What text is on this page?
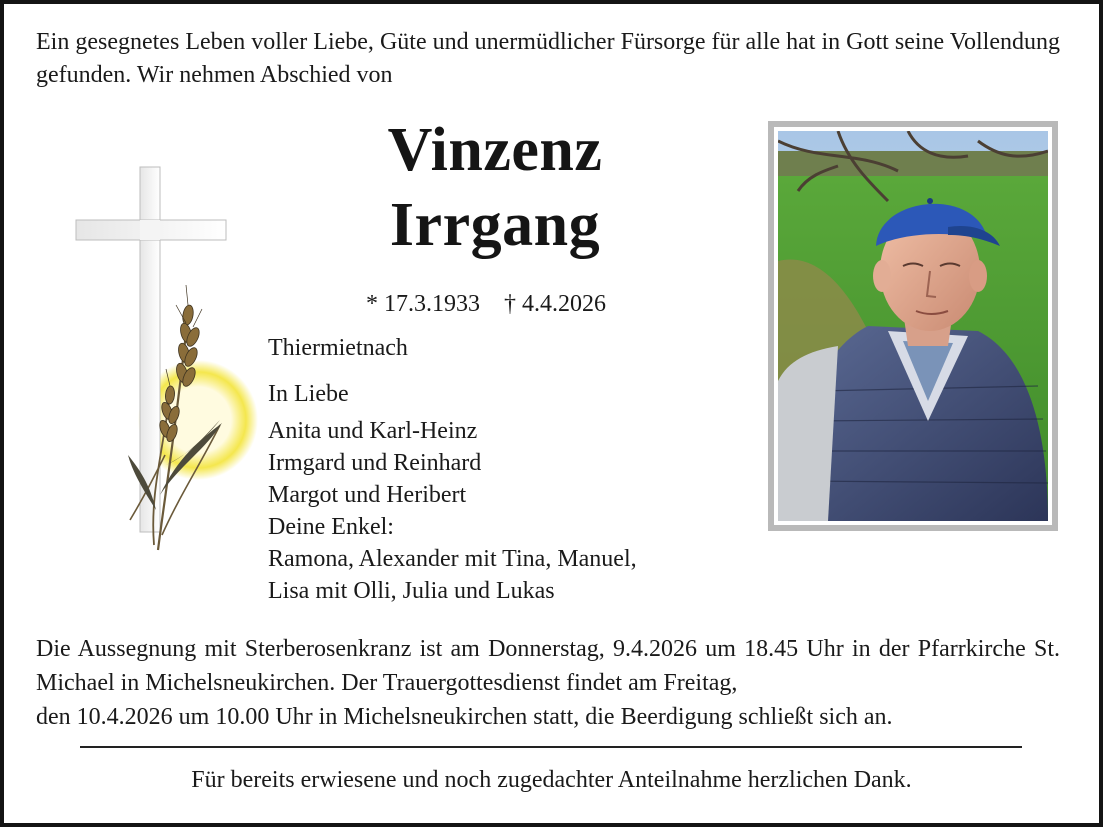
Ein gesegnetes Leben voller Liebe, Güte und unermüdlicher Fürsorge für alle hat in Gott seine Vollendung gefunden. Wir nehmen Abschied von
Vinzenz
Irrgang
* 17.3.1933 † 4.4.2026
Thiermietnach
In Liebe
Anita und Karl-Heinz
Irmgard und Reinhard
Margot und Heribert
Deine Enkel:
Ramona, Alexander mit Tina, Manuel,
Lisa mit Olli, Julia und Lukas
Die Aussegnung mit Sterberosenkranz ist am Donnerstag, 9.4.2026 um 18.45 Uhr in der Pfarrkirche St. Michael in Michelsneukirchen. Der Trauergottesdienst findet am Freitag,
den 10.4.2026 um 10.00 Uhr in Michelsneukirchen statt, die Beerdigung schließt sich an.
Für bereits erwiesene und noch zugedachter Anteilnahme herzlichen Dank.
